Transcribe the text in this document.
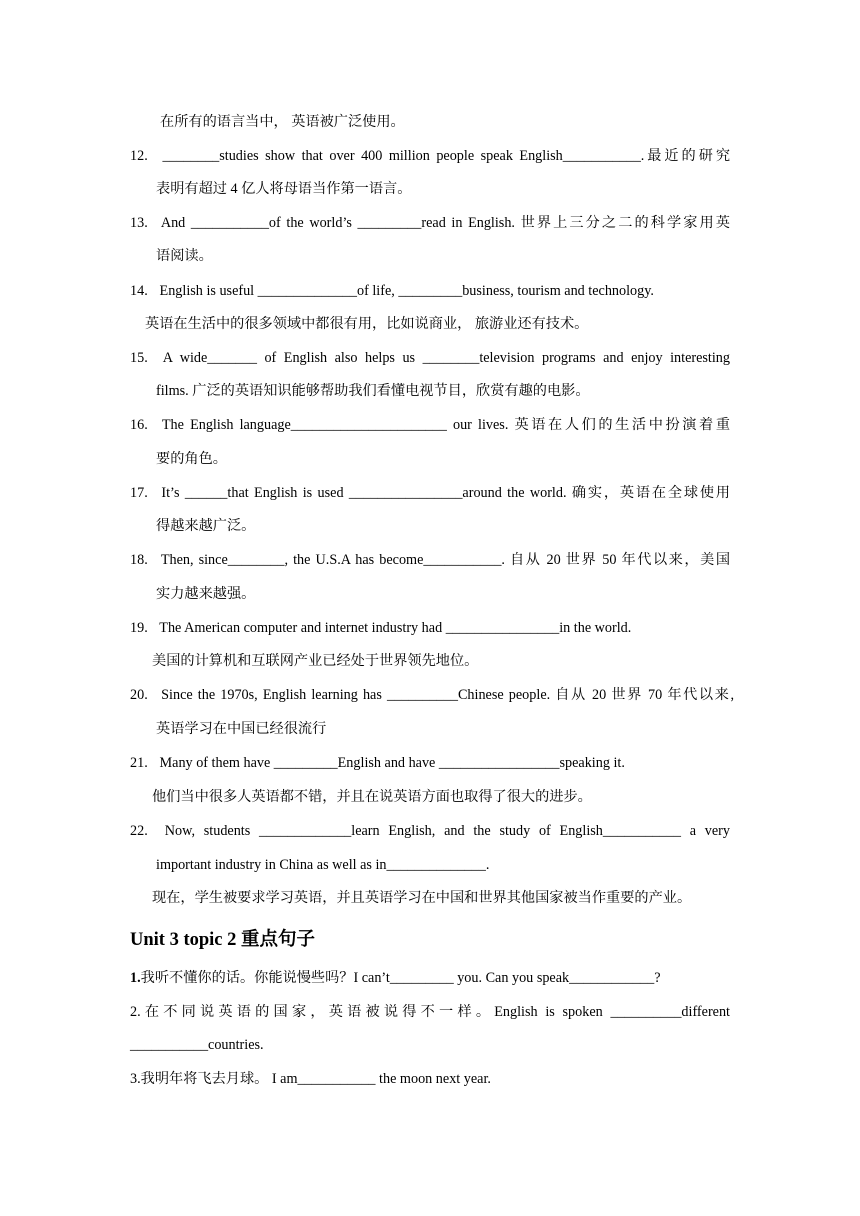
在所有的语言当中， 英语被广泛使用。
12. ________studies show that over 400 million people speak English___________.最近的研究
表明有超过 4 亿人将母语当作第一语言。
13. And ___________of the world’s _________read in English. 世界上三分之二的科学家用英
语阅读。
14. English is useful ______________of life, _________business, tourism and technology.
英语在生活中的很多领域中都很有用，比如说商业， 旅游业还有技术。
15. A wide_______ of English also helps us ________television programs and enjoy interesting
films. 广泛的英语知识能够帮助我们看懂电视节目，欣赏有趣的电影。
16. The English language______________________ our lives. 英语在人们的生活中扮演着重
要的角色。
17. It’s ______that English is used ________________around the world. 确实，英语在全球使用
得越来越广泛。
18. Then, since________, the U.S.A has become___________. 自从 20 世界 50 年代以来，美国
实力越来越强。
19. The American computer and internet industry had ________________in the world.
美国的计算机和互联网产业已经处于世界领先地位。
20. Since the 1970s, English learning has __________Chinese people. 自从 20 世界 70 年代以来,
英语学习在中国已经很流行
21. Many of them have _________English and have _________________speaking it.
他们当中很多人英语都不错，并且在说英语方面也取得了很大的进步。
22. Now, students _____________learn English, and the study of English___________ a very
important industry in China as well as in______________.
现在，学生被要求学习英语，并且英语学习在中国和世界其他国家被当作重要的产业。
Unit 3 topic 2 重点句子
1.我听不懂你的话。你能说慢些吗？I can’t_________ you. Can you speak____________?
2.在不同说英语的国家，英语被说得不一样。English is spoken __________different
___________countries.
3.我明年将飞去月球。 I am___________ the moon next year.
